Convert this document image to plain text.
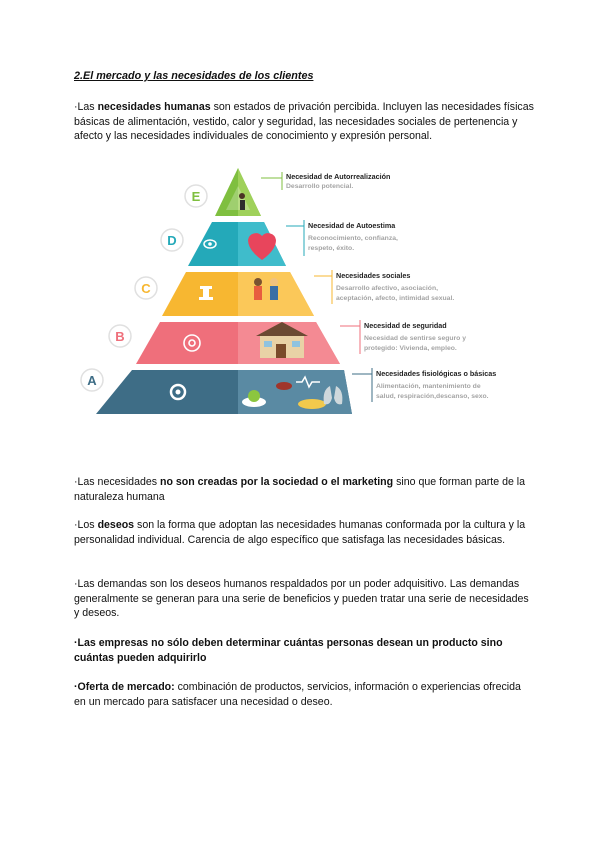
2.El mercado y las necesidades de los clientes

·Las necesidades humanas son estados de privación percibida. Incluyen las necesidades físicas básicas de alimentación, vestido, calor y seguridad, las necesidades sociales de pertenencia y afecto y las necesidades individuales de conocimiento y expresión personal.

E
Necesidad de Autorrealización
Desarrollo potencial.
D
Necesidad de Autoestima
Reconocimiento, confianza,
respeto, éxito.
C
Necesidades sociales
Desarrollo afectivo, asociación,
aceptación, afecto, intimidad sexual.
B
Necesidad de seguridad
Necesidad de sentirse seguro y
protegido: Vivienda, empleo.
A	Necesidades fisiológicas o básicas
Alimentación, mantenimiento de
salud, respiración,descanso, sexo.

·Las necesidades no son creadas por la sociedad o el marketing sino que forman parte de la naturaleza humana

·Los deseos son la forma que adoptan las necesidades humanas conformada por la cultura y la personalidad individual. Carencia de algo específico que satisfaga las necesidades básicas.

·Las demandas son los deseos humanos respaldados por un poder adquisitivo. Las demandas generalmente se generan para una serie de beneficios y pueden tratar una serie de necesidades y deseos.

·Las empresas no sólo deben determinar cuántas personas desean un producto sino cuántas pueden adquirirlo

·Oferta de mercado: combinación de productos, servicios, información o experiencias ofrecida en un mercado para satisfacer una necesidad o deseo.
